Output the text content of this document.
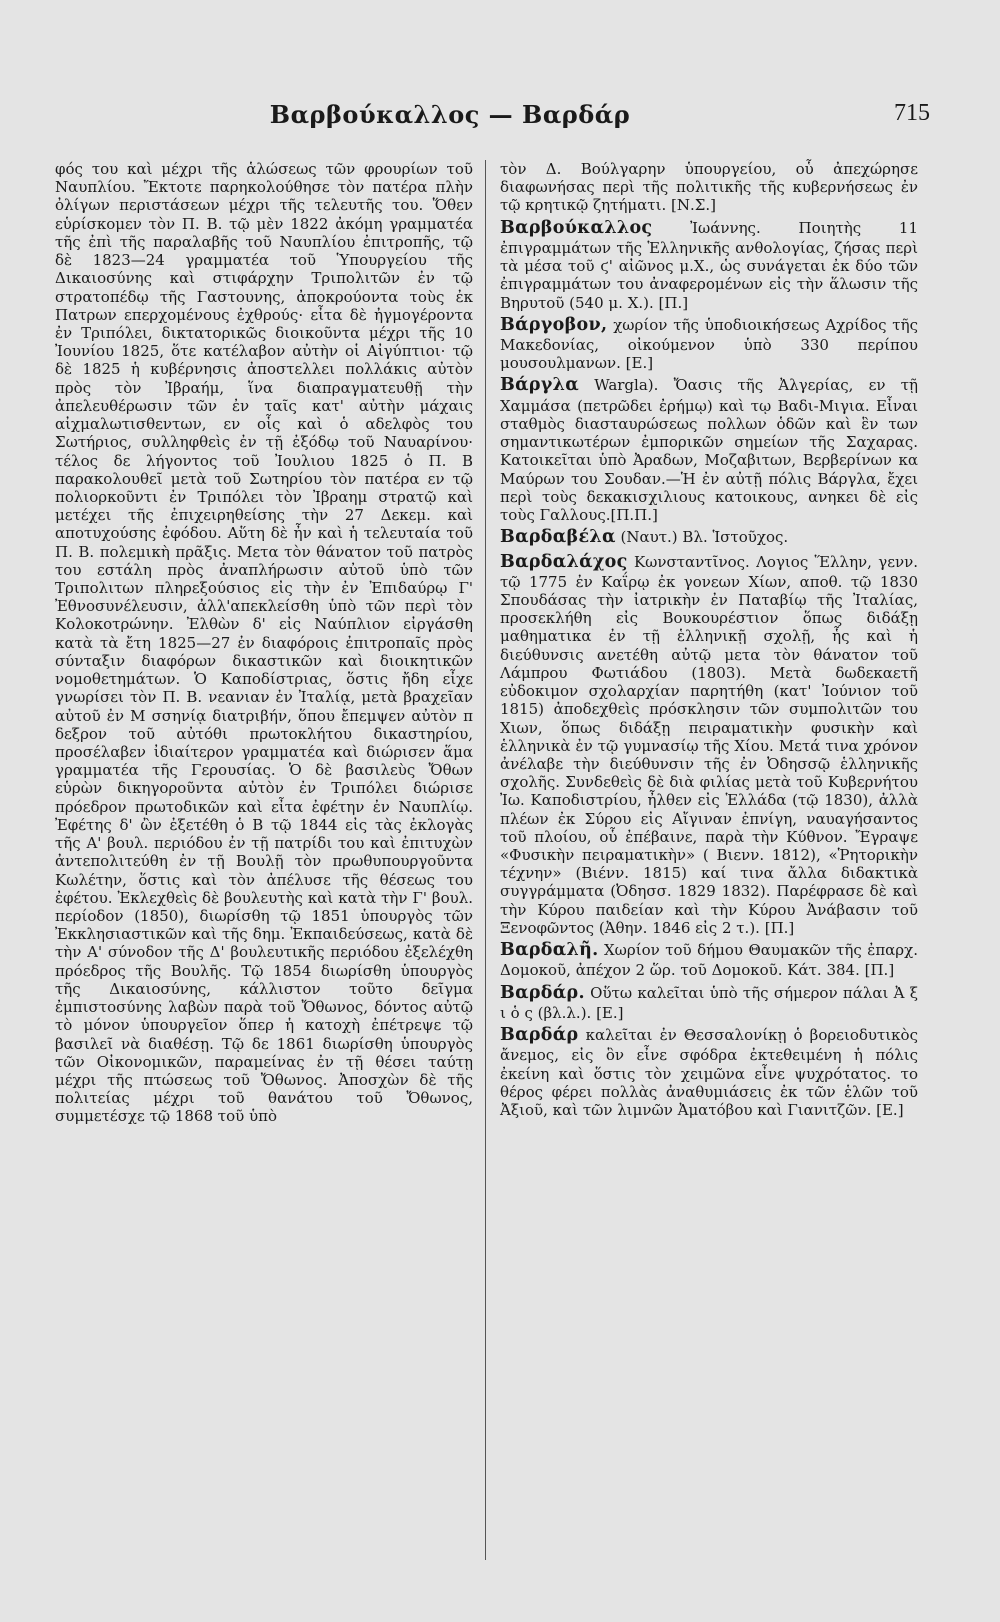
Βαρβούκαλλος — Βαρδάρ	715

φός του καὶ μέχρι τῆς ἁλώσεως τῶν φρουρίων τοῦ Ναυπλίου. Ἔκτοτε παρηκολούθησε τὸν πατέρα πλὴν ὀλίγων περιστάσεων μέχρι τῆς τελευτῆς του. Ὅθεν εὑρίσκομεν τὸν Π. Β. τῷ μὲν 1822 ἀκόμη γραμματέα τῆς ἐπὶ τῆς παραλαβῆς τοῦ Ναυπλίου ἐπιτροπῆς, τῷ δὲ 1823—24 γραμματέα τοῦ Ὑπουργείου τῆς Δικαιοσύνης καὶ στιφάρχην Τριπολιτῶν ἐν τῷ στρατοπέδῳ τῆς Γαστουνης, ἀποκρούοντα τοὺς ἐκ Πατρων επερχομένους ἐχθρούς· εἶτα δὲ ἠγμογέροντα ἐν Τριπόλει, δικτατορικῶς διοικοῦντα μέχρι τῆς 10 Ἰουνίου 1825, ὅτε κατέλαβον αὐτὴν οἱ Αἰγύπτιοι· τῷ δὲ 1825 ἡ κυβέρνησις ἀποστελλει πολλάκις αὐτὸν πρὸς τὸν Ἰβραήμ, ἵνα διαπραγματευθῇ τὴν ἀπελευθέρωσιν τῶν ἐν ταῖς κατ' αὐτὴν μάχαις αἰχμαλωτισθεντων, εν οἷς καὶ ὁ αδελφὸς του Σωτήριος, συλληφθεὶς ἐν τῇ ἐξόδῳ τοῦ Ναυαρίνου· τέλος δε λήγοντος τοῦ Ἰουλιου 1825 ὁ Π. Β παρακολουθεῖ μετὰ τοῦ Σωτηρίου τὸν πατέρα εν τῷ πολιορκοῦντι ἐν Τριπόλει τὸν Ἰβραημ στρατῷ καὶ μετέχει τῆς ἐπιχειρηθείσης τὴν 27 Δεκεμ. καὶ αποτυχούσης ἐφόδου. Αὕτη δὲ ἦν καὶ ἡ τελευταία τοῦ Π. Β. πολεμικὴ πρᾶξις. Μετα τὸν θάνατον τοῦ πατρὸς του εστάλη πρὸς ἀναπλήρωσιν αὐτοῦ ὑπὸ τῶν Τριπολιτων πληρεξούσιος εἰς τὴν ἐν Ἐπιδαύρῳ Γ' Ἐθνοσυνέλευσιν, ἀλλ'απεκλείσθη ὑπὸ τῶν περὶ τὸν Κολοκοτρώνην. Ἐλθὼν δ' εἰς Ναύπλιον εἰργάσθη κατὰ τὰ ἔτη 1825—27 ἐν διαφόροις ἐπιτροπαῖς πρὸς σύνταξιν διαφόρων δικαστικῶν καὶ διοικητικῶν νομοθετημάτων. Ὁ Καποδίστριας, ὅστις ἤδη εἶχε γνωρίσει τὸν Π. Β. νεανιαν ἐν Ἰταλίᾳ, μετὰ βραχεῖαν αὐτοῦ ἐν Μ σσηνίᾳ διατριβήν, ὅπου ἔπεμψεν αὐτὸν π δεξρον τοῦ αὐτόθι πρωτοκλήτου δικαστηρίου, προσέλαβεν ἰδιαίτερον γραμματέα καὶ διώρισεν ἅμα γραμματέα τῆς Γερουσίας. Ὁ δὲ βασιλεὺς Ὄθων εὑρὼν δικηγοροῦντα αὐτὸν ἐν Τριπόλει διώρισε πρόεδρον πρωτοδικῶν καὶ εἶτα ἐφέτην ἐν Ναυπλίῳ. Ἐφέτης δ' ὢν ἐξετέθη ὁ Β τῷ 1844 εἰς τὰς ἐκλογὰς τῆς Α' βουλ. περιόδου ἐν τῇ πατρίδι του καὶ ἐπιτυχὼν ἀντεπολιτεύθη ἐν τῇ Βουλῇ τὸν πρωθυπουργοῦντα Κωλέτην, ὅστις καὶ τὸν ἀπέλυσε τῆς θέσεως του ἐφέτου. Ἐκλεχθεὶς δὲ βουλευτὴς καὶ κατὰ τὴν Γ' βουλ. περίοδον (1850), διωρίσθη τῷ 1851 ὑπουργὸς τῶν Ἐκκλησιαστικῶν καὶ τῆς δημ. Ἐκπαιδεύσεως, κατὰ δὲ τὴν Α' σύνοδον τῆς Δ' βουλευτικῆς περιόδου ἐξελέχθη πρόεδρος τῆς Βουλῆς. Τῷ 1854 διωρίσθη ὑπουργὸς τῆς Δικαιοσύνης, κάλλιστον τοῦτο δεῖγμα ἐμπιστοσύνης λαβὼν παρὰ τοῦ Ὄθωνος, δόντος αὐτῷ τὸ μόνον ὑπουργεῖον ὅπερ ἡ κατοχὴ ἐπέτρεψε τῷ βασιλεῖ νὰ διαθέσῃ. Τῷ δε 1861 διωρίσθη ὑπουργὸς τῶν Οἰκονομικῶν, παραμείνας ἐν τῇ θέσει ταύτῃ μέχρι τῆς πτώσεως τοῦ Ὄθωνος. Ἀποσχὼν δὲ τῆς πολιτείας μέχρι τοῦ θανάτου τοῦ Ὄθωνος, συμμετέσχε τῷ 1868 τοῦ ὑπὸ

τὸν Δ. Βούλγαρην ὑπουργείου, οὗ ἀπεχώρησε διαφωνήσας περὶ τῆς πολιτικῆς τῆς κυβερνήσεως ἐν τῷ κρητικῷ ζητήματι. [Ν.Σ.]

Βαρβούκαλλος	Ἰωάννης. Ποιητὴς 11 ἐπιγραμμάτων τῆς Ἑλληνικῆς ανθολογίας, ζήσας περὶ τὰ μέσα τοῦ ϛ' αἰῶνος μ.Χ., ὡς συνάγεται ἐκ δύο τῶν ἐπιγραμμάτων του ἀναφερομένων εἰς τὴν ἅλωσιν τῆς Βηρυτοῦ (540 μ. Χ.). [Π.]

Βάργοβον, χωρίον τῆς ὑποδιοικήσεως Αχρίδος τῆς Μακεδονίας, οἰκούμενον ὑπὸ 330 περίπου μουσουλμανων. [Ε.]

Βάργλα Wargla). Ὄασις τῆς Ἀλγερίας, εν τῇ Χαμμάσα (πετρῶδει ἐρήμῳ) καὶ τῳ Βαδι-Μιγια. Εἶναι σταθμὸς διασταυρώσεως πολλων ὁδῶν καὶ ἓν των σημαντικωτέρων ἐμπορικῶν σημείων τῆς Σαχαρας. Κατοικεῖται ὑπὸ Ἀραδων, Μοζαβιτων, Βερβερίνων κα Μαύρων του Σουδαν.—Ἡ ἐν αὐτῇ πόλις Βάργλα, ἔχει περὶ τοὺς δεκακισχιλιους κατοικους, ανηκει δὲ εἰς τοὺς Γαλλους.[Π.Π.]

Βαρδαβέλα (Ναυτ.) Βλ. Ἱστοῦχος.

Βαρδαλάχος Κωνσταντῖνος. Λογιος Ἕλλην, γενν. τῷ 1775 ἐν Καΐρῳ ἐκ γονεων Χίων, αποθ. τῷ 1830 Σπουδάσας τὴν ἰατρικὴν ἐν Παταβίῳ τῆς Ἰταλίας, προσεκλήθη εἰς Βουκουρέστιον ὅπως διδάξῃ μαθηματικα ἐν τῇ ἑλληνικῇ σχολῇ, ἧς καὶ ἡ διεύθυνσις ανετέθη αὐτῷ μετα τὸν θάνατον τοῦ Λάμπρου Φωτιάδου (1803). Μετὰ δωδεκαετῆ εὐδοκιμον σχολαρχίαν παρητήθη (κατ' Ἰούνιον τοῦ 1815) ἀποδεχθεὶς πρόσκλησιν τῶν συμπολιτῶν του Χιων, ὅπως διδάξῃ πειραματικὴν φυσικὴν καὶ ἑλληνικὰ ἐν τῷ γυμνασίῳ τῆς Χίου. Μετά τινα χρόνον ἀνέλαβε τὴν διεύθυνσιν τῆς ἐν Ὀδησσῷ ἑλληνικῆς σχολῆς. Συνδεθεὶς δὲ διὰ φιλίας μετὰ τοῦ Κυβερνήτου Ἰω. Καποδιστρίου, ἦλθεν εἰς Ἑλλάδα (τῷ 1830), ἀλλὰ πλέων ἐκ Σύρου εἰς Αἴγιναν ἐπνίγη, ναυαγήσαντος τοῦ πλοίου, οὗ ἐπέβαινε, παρὰ τὴν Κύθνον. Ἔγραψε «Φυσικὴν πειραματικὴν» ( Βιενν. 1812), «Ῥητορικὴν τέχνην» (Βιένν. 1815) καί τινα ἄλλα διδακτικὰ συγγράμματα (Ὀδησσ. 1829 1832). Παρέφρασε δὲ καὶ τὴν Κύρου παιδείαν καὶ τὴν Κύρου Ἀνάβασιν τοῦ Ξενοφῶντος (Ἀθην. 1846 εἰς 2 τ.). [Π.]

Βαρδαλῆ. Χωρίον τοῦ δήμου Θαυμακῶν τῆς ἐπαρχ. Δομοκοῦ, ἀπέχον 2 ὥρ. τοῦ Δομοκοῦ. Κάτ. 384. [Π.]

Βαρδάρ. Οὕτω καλεῖται ὑπὸ τῆς σήμερον πάλαι Ἀ ξ ι ὁ ς (βλ.λ.). [Ε.]

Βαρδάρ καλεῖται ἐν Θεσσαλονίκῃ ὁ βορειοδυτικὸς ἄνεμος, εἰς ὃν εἶνε σφόδρα ἐκτεθειμένη ἡ πόλις ἐκείνη καὶ ὅστις τὸν χειμῶνα εἶνε ψυχρότατος. το θέρος φέρει πολλὰς ἀναθυμιάσεις ἐκ τῶν ἑλῶν τοῦ Ἀξιοῦ, καὶ τῶν λιμνῶν Ἀματόβου καὶ Γιανιτζῶν. [Ε.]
